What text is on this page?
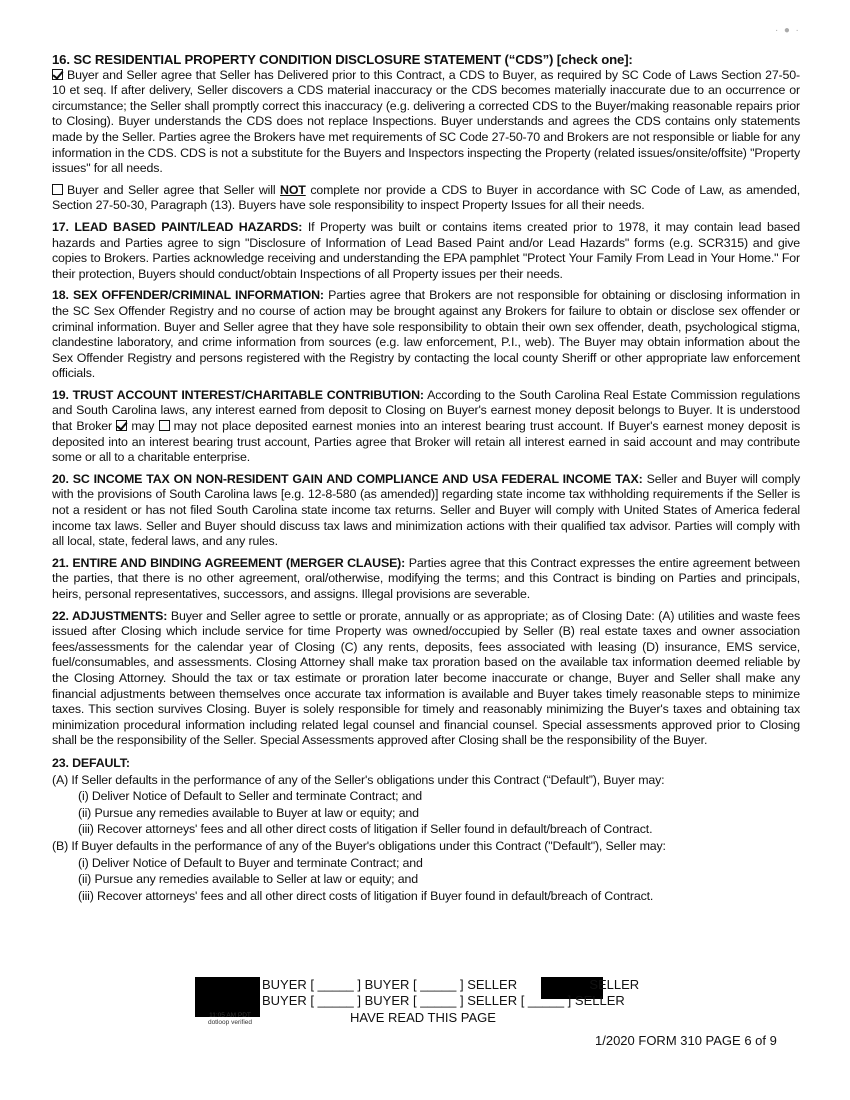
·  ●  ·
16. SC RESIDENTIAL PROPERTY CONDITION DISCLOSURE STATEMENT (“CDS”) [check one]:
Buyer and Seller agree that Seller has Delivered prior to this Contract, a CDS to Buyer, as required by SC Code of Laws Section 27-50-10 et seq. If after delivery, Seller discovers a CDS material inaccuracy or the CDS becomes materially inaccurate due to an occurrence or circumstance; the Seller shall promptly correct this inaccuracy (e.g. delivering a corrected CDS to the Buyer/making reasonable repairs prior to Closing). Buyer understands the CDS does not replace Inspections. Buyer understands and agrees the CDS contains only statements made by the Seller. Parties agree the Brokers have met requirements of SC Code 27-50-70 and Brokers are not responsible or liable for any information in the CDS. CDS is not a substitute for the Buyers and Inspectors inspecting the Property (related issues/onsite/offsite) "Property issues" for all needs.
Buyer and Seller agree that Seller will NOT complete nor provide a CDS to Buyer in accordance with SC Code of Law, as amended, Section 27-50-30, Paragraph (13). Buyers have sole responsibility to inspect Property Issues for all their needs.
17. LEAD BASED PAINT/LEAD HAZARDS: If Property was built or contains items created prior to 1978, it may contain lead based hazards and Parties agree to sign "Disclosure of Information of Lead Based Paint and/or Lead Hazards" forms (e.g. SCR315) and give copies to Brokers. Parties acknowledge receiving and understanding the EPA pamphlet "Protect Your Family From Lead in Your Home." For their protection, Buyers should conduct/obtain Inspections of all Property issues per their needs.
18. SEX OFFENDER/CRIMINAL INFORMATION: Parties agree that Brokers are not responsible for obtaining or disclosing information in the SC Sex Offender Registry and no course of action may be brought against any Brokers for failure to obtain or disclose sex offender or criminal information. Buyer and Seller agree that they have sole responsibility to obtain their own sex offender, death, psychological stigma, clandestine laboratory, and crime information from sources (e.g. law enforcement, P.I., web). The Buyer may obtain information about the Sex Offender Registry and persons registered with the Registry by contacting the local county Sheriff or other appropriate law enforcement officials.
19. TRUST ACCOUNT INTEREST/CHARITABLE CONTRIBUTION: According to the South Carolina Real Estate Commission regulations and South Carolina laws, any interest earned from deposit to Closing on Buyer's earnest money deposit belongs to Buyer. It is understood that Broker may may not place deposited earnest monies into an interest bearing trust account. If Buyer's earnest money deposit is deposited into an interest bearing trust account, Parties agree that Broker will retain all interest earned in said account and may contribute some or all to a charitable enterprise.
20. SC INCOME TAX ON NON-RESIDENT GAIN AND COMPLIANCE AND USA FEDERAL INCOME TAX: Seller and Buyer will comply with the provisions of South Carolina laws [e.g. 12-8-580 (as amended)] regarding state income tax withholding requirements if the Seller is not a resident or has not filed South Carolina state income tax returns. Seller and Buyer will comply with United States of America federal income tax laws. Seller and Buyer should discuss tax laws and minimization actions with their qualified tax advisor. Parties will comply with all local, state, federal laws, and any rules.
21. ENTIRE AND BINDING AGREEMENT (MERGER CLAUSE): Parties agree that this Contract expresses the entire agreement between the parties, that there is no other agreement, oral/otherwise, modifying the terms; and this Contract is binding on Parties and principals, heirs, personal representatives, successors, and assigns. Illegal provisions are severable.
22. ADJUSTMENTS: Buyer and Seller agree to settle or prorate, annually or as appropriate; as of Closing Date: (A) utilities and waste fees issued after Closing which include service for time Property was owned/occupied by Seller (B) real estate taxes and owner association fees/assessments for the calendar year of Closing (C) any rents, deposits, fees associated with leasing (D) insurance, EMS service, fuel/consumables, and assessments. Closing Attorney shall make tax proration based on the available tax information deemed reliable by the Closing Attorney. Should the tax or tax estimate or proration later become inaccurate or change, Buyer and Seller shall make any financial adjustments between themselves once accurate tax information is available and Buyer takes timely reasonable steps to minimize taxes. This section survives Closing. Buyer is solely responsible for timely and reasonably minimizing the Buyer's taxes and obtaining tax minimization procedural information including related legal counsel and financial counsel. Special assessments approved prior to Closing shall be the responsibility of the Seller. Special Assessments approved after Closing shall be the responsibility of the Buyer.
23. DEFAULT:
(A) If Seller defaults in the performance of any of the Seller's obligations under this Contract (“Default”), Buyer may:
(i) Deliver Notice of Default to Seller and terminate Contract; and
(ii) Pursue any remedies available to Buyer at law or equity; and
(iii) Recover attorneys' fees and all other direct costs of litigation if Seller found in default/breach of Contract.
(B) If Buyer defaults in the performance of any of the Buyer's obligations under this Contract ("Default"), Seller may:
(i) Deliver Notice of Default to Buyer and terminate Contract; and
(ii) Pursue any remedies available to Seller at law or equity; and
(iii) Recover attorneys' fees and all other direct costs of litigation if Buyer found in default/breach of Contract.
BUYER [ _____ ] BUYER [ _____ ] SELLER                    SELLER
BUYER [ _____ ] BUYER [ _____ ] SELLER [ _____ ] SELLER
11:05 AM PDT
dotloop verified	HAVE READ THIS PAGE
1/2020 FORM 310 PAGE 6 of 9
